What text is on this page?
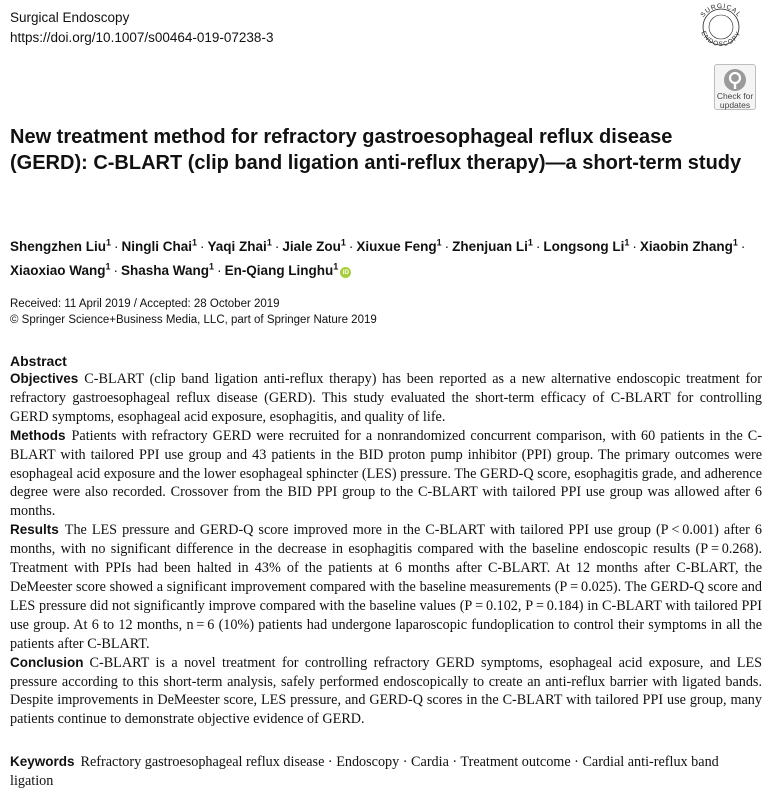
Surgical Endoscopy
https://doi.org/10.1007/s00464-019-07238-3
SURGICAL
ENDOSCOPY
Check for
updates
New treatment method for refractory gastroesophageal reflux disease (GERD): C-BLART (clip band ligation anti-reflux therapy)—a short-term study
Shengzhen Liu$^1$ · Ningli Chai$^1$ · Yaqi Zhai$^1$ · Jiale Zou$^1$ · Xiuxue Feng$^1$ · Zhenjuan $Li^1$ · Longsong $Li^1$ · Xiaobin Zhang$^1$ ·
Xiaoxiao Wang$^1$ · Shasha Wang$^1$ · En-Qiang Linghu$^1$iD
Received: 11 April 2019 / Accepted: 28 October 2019
© Springer Science+Business Media, LLC, part of Springer Nature 2019
Abstract

Objectives C-BLART (clip band ligation anti-reflux therapy) has been reported as a new alternative endoscopic treatment for refractory gastroesophageal reflux disease (GERD). This study evaluated the short-term efficacy of C-BLART for controlling GERD symptoms, esophageal acid exposure, esophagitis, and quality of life.

Methods Patients with refractory GERD were recruited for a nonrandomized concurrent comparison, with 60 patients in the C-BLART with tailored PPI use group and 43 patients in the BID proton pump inhibitor (PPI) group. The primary outcomes were esophageal acid exposure and the lower esophageal sphincter (LES) pressure. The GERD-Q score, esophagitis grade, and adherence degree were also recorded. Crossover from the BID PPI group to the C-BLART with tailored PPI use group was allowed after 6 months.

Results The LES pressure and GERD-Q score improved more in the C-BLART with tailored PPI use group (P < 0.001) after 6 months, with no significant difference in the decrease in esophagitis compared with the baseline endoscopic results (P = 0.268). Treatment with PPIs had been halted in 43% of the patients at 6 months after C-BLART. At 12 months after C-BLART, the DeMeester score showed a significant improvement compared with the baseline measurements (P = 0.025). The GERD-Q score and LES pressure did not significantly improve compared with the baseline values (P = 0.102, P = 0.184) in C-BLART with tailored PPI use group. At 6 to 12 months, n = 6 (10%) patients had undergone laparoscopic fundoplication to control their symptoms in all the patients after C-BLART.

Conclusion C-BLART is a novel treatment for controlling refractory GERD symptoms, esophageal acid exposure, and LES pressure according to this short-term analysis, safely performed endoscopically to create an anti-reflux barrier with ligated bands. Despite improvements in DeMeester score, LES pressure, and GERD-Q scores in the C-BLART with tailored PPI use group, many patients continue to demonstrate objective evidence of GERD.

Keywords Refractory gastroesophageal reflux disease · Endoscopy · Cardia · Treatment outcome · Cardial anti-reflux band ligation
